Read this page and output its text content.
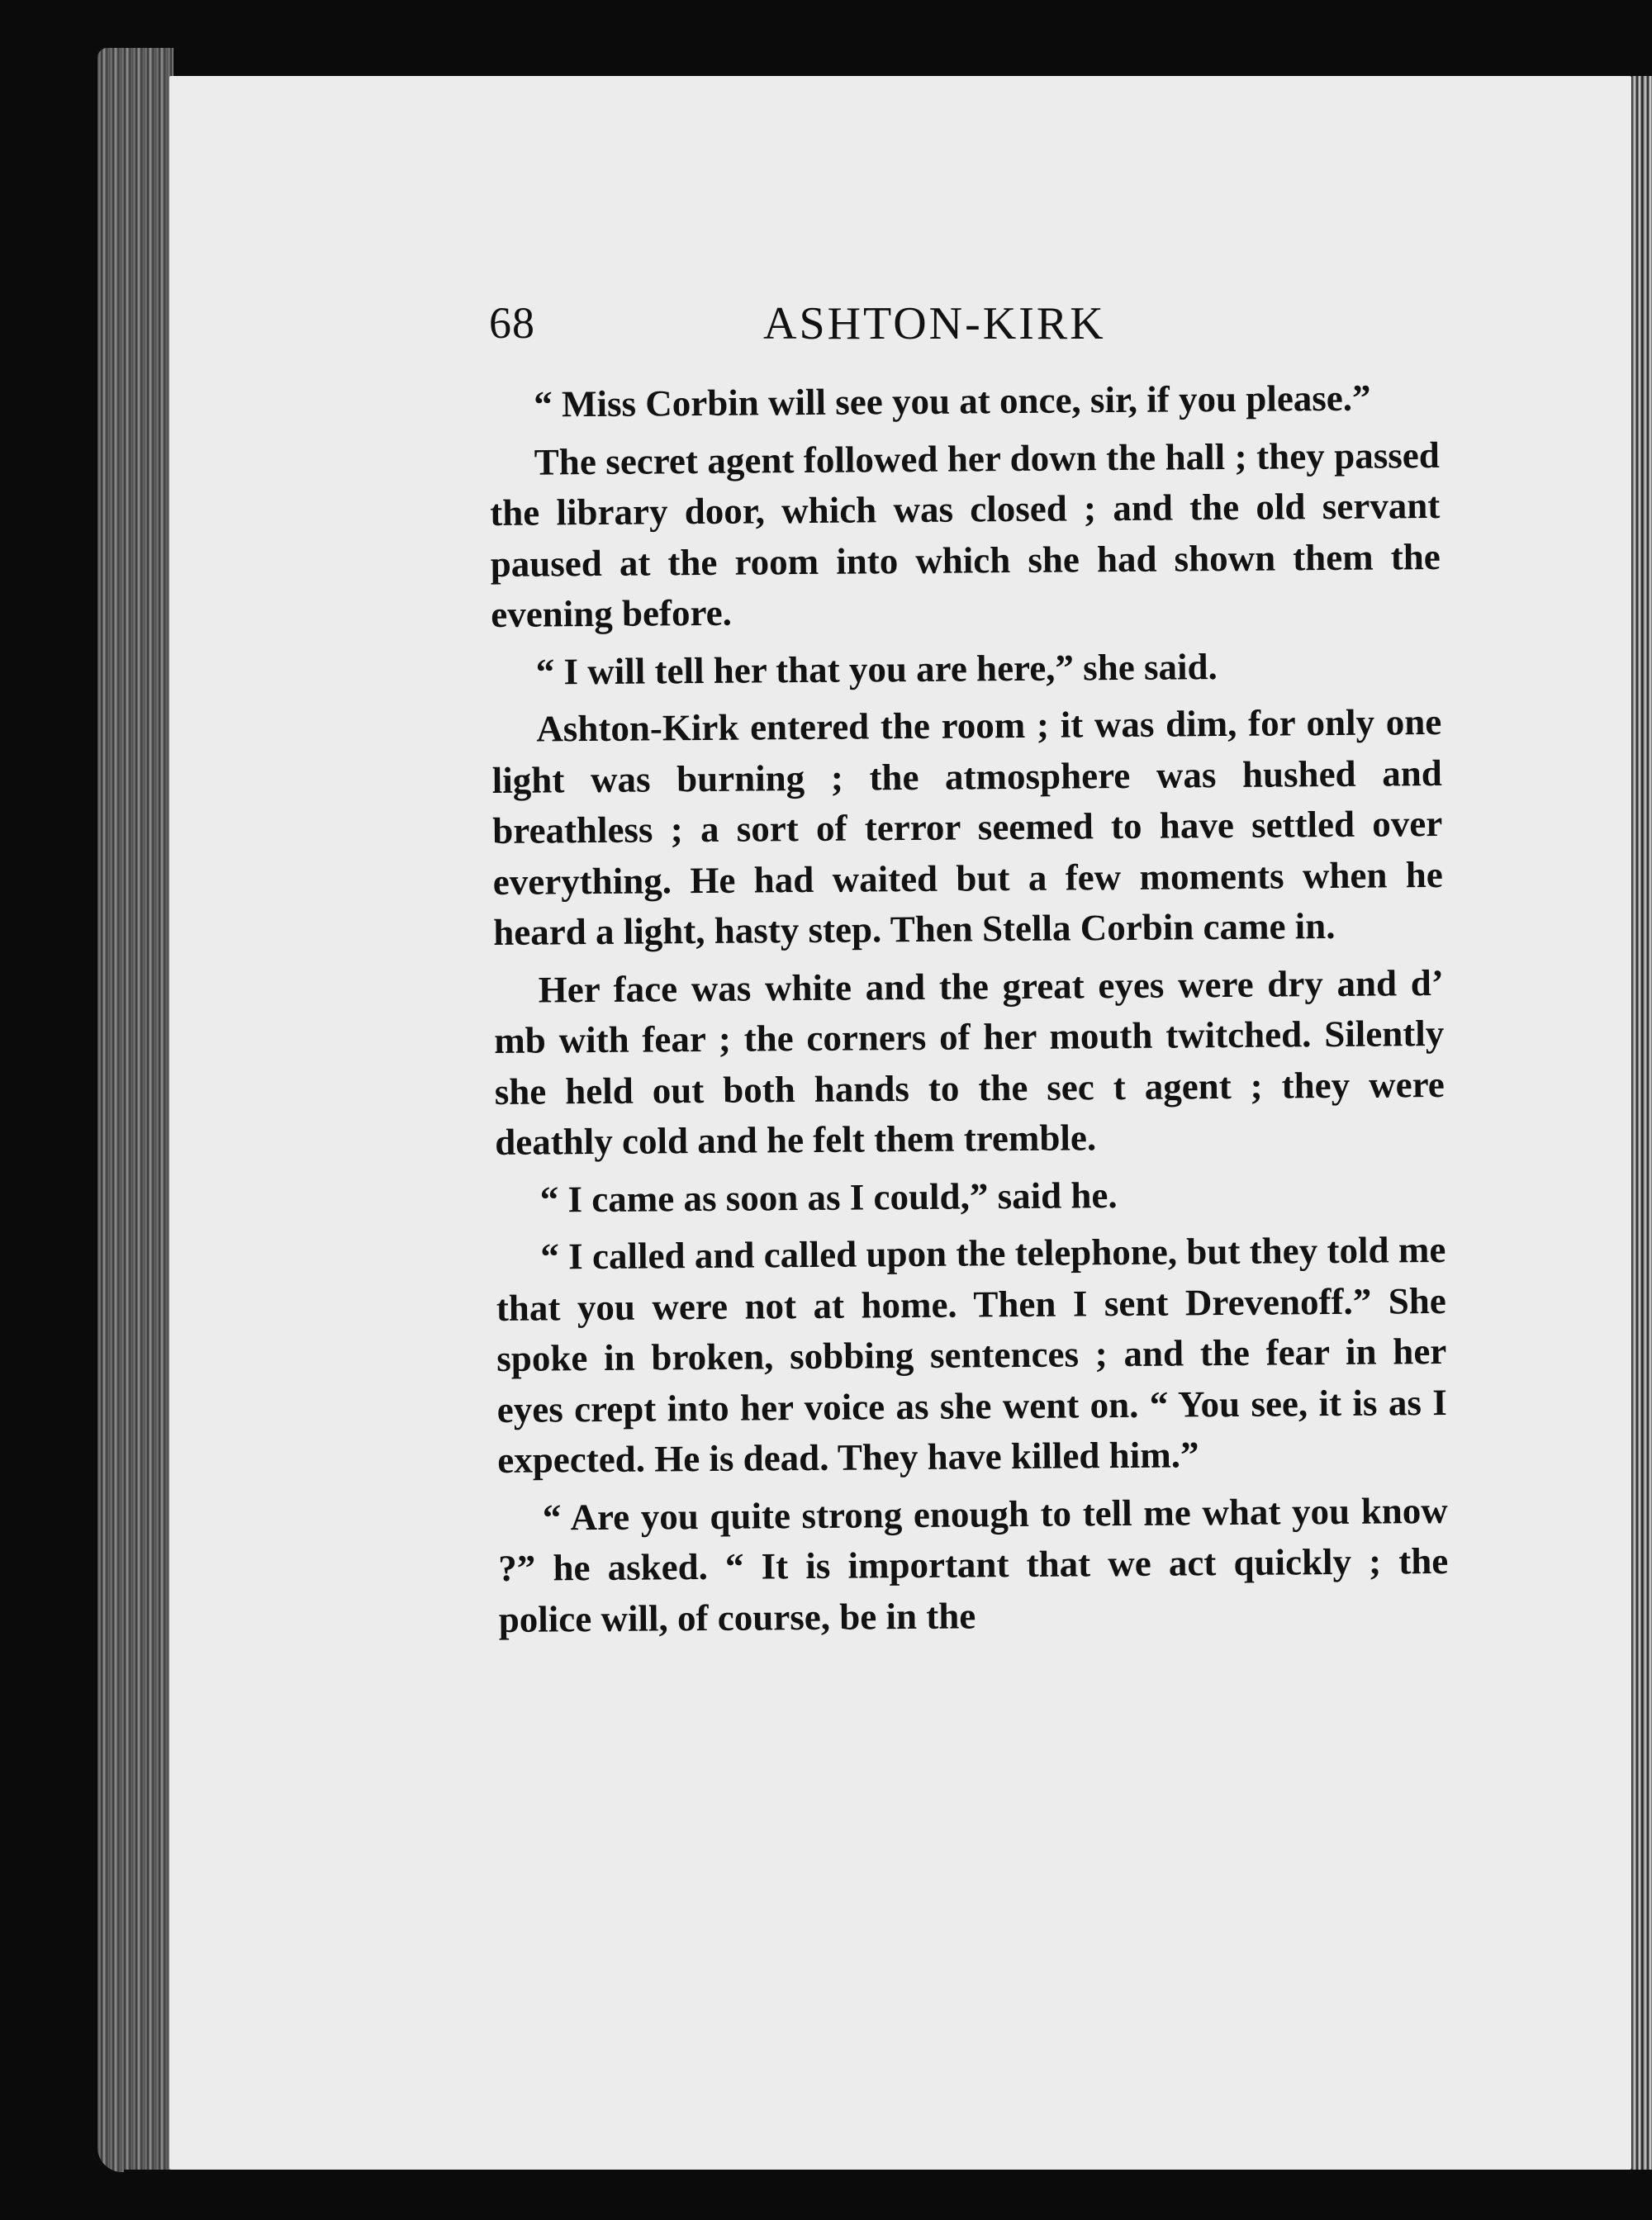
68	ASHTON-KIRK

“ Miss Corbin will see you at once, sir, if you please.”

The secret agent followed her down the hall ; they passed the library door, which was closed ; and the old servant paused at the room into which she had shown them the evening before.

“ I will tell her that you are here,” she said.

Ashton-Kirk entered the room ; it was dim, for only one light was burning ; the atmosphere was hushed and breathless ; a sort of terror seemed to have settled over everything. He had waited but a few moments when he heard a light, hasty step. Then Stella Corbin came in.

Her face was white and the great eyes were dry and d’ mb with fear ; the corners of her mouth twitched. Silently she held out both hands to the sec t agent ; they were deathly cold and he felt them tremble.

“ I came as soon as I could,” said he.

“ I called and called upon the telephone, but they told me that you were not at home. Then I sent Drevenoff.” She spoke in broken, sobbing sentences ; and the fear in her eyes crept into her voice as she went on. “ You see, it is as I expected. He is dead. They have killed him.”

“ Are you quite strong enough to tell me what you know ?” he asked. “ It is important that we act quickly ; the police will, of course, be in the
